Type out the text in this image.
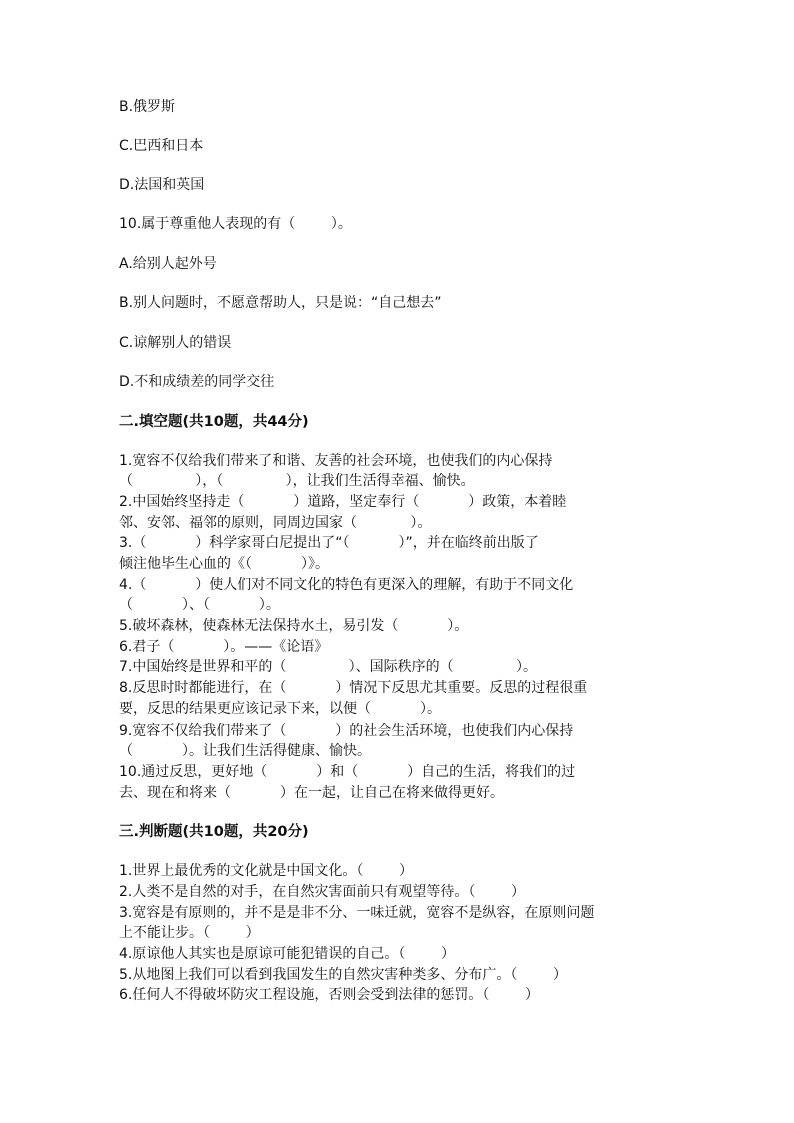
B.俄罗斯

C.巴西和日本

D.法国和英国

10.属于尊重他人表现的有（        ）。

A.给别人起外号

B.别人问题时，不愿意帮助人，只是说：“自己想去”

C.谅解别人的错误

D.不和成绩差的同学交往

二.填空题(共10题，共44分)

1.宽容不仅给我们带来了和谐、友善的社会环境，也使我们的内心保持

（              ），（              ），让我们生活得幸福、愉快。

2.中国始终坚持走（           ）道路，坚定奉行（           ）政策，本着睦

邻、安邻、福邻的原则，同周边国家（            ）。

3.（           ）科学家哥白尼提出了“（           ）”，并在临终前出版了

倾注他毕生心血的《（           ）》。

4.（           ）使人们对不同文化的特色有更深入的理解，有助于不同文化

（           ）、（           ）。

5.破坏森林，使森林无法保持水土，易引发（           ）。

6.君子（           ）。——《论语》

7.中国始终是世界和平的（              ）、国际秩序的（              ）。

8.反思时时都能进行，在（           ）情况下反思尤其重要。反思的过程很重

要，反思的结果更应该记录下来，以便（           ）。

9.宽容不仅给我们带来了（           ）的社会生活环境，也使我们内心保持

（           ）。让我们生活得健康、愉快。

10.通过反思，更好地（           ）和（           ）自己的生活，将我们的过

去、现在和将来（           ）在一起，让自己在将来做得更好。

三.判断题(共10题，共20分)

1.世界上最优秀的文化就是中国文化。（        ）

2.人类不是自然的对手，在自然灾害面前只有观望等待。（        ）

3.宽容是有原则的，并不是是非不分、一味迁就，宽容不是纵容，在原则问题

上不能让步。（        ）

4.原谅他人其实也是原谅可能犯错误的自己。（        ）

5.从地图上我们可以看到我国发生的自然灾害种类多、分布广。（        ）

6.任何人不得破坏防灾工程设施，否则会受到法律的惩罚。（        ）
